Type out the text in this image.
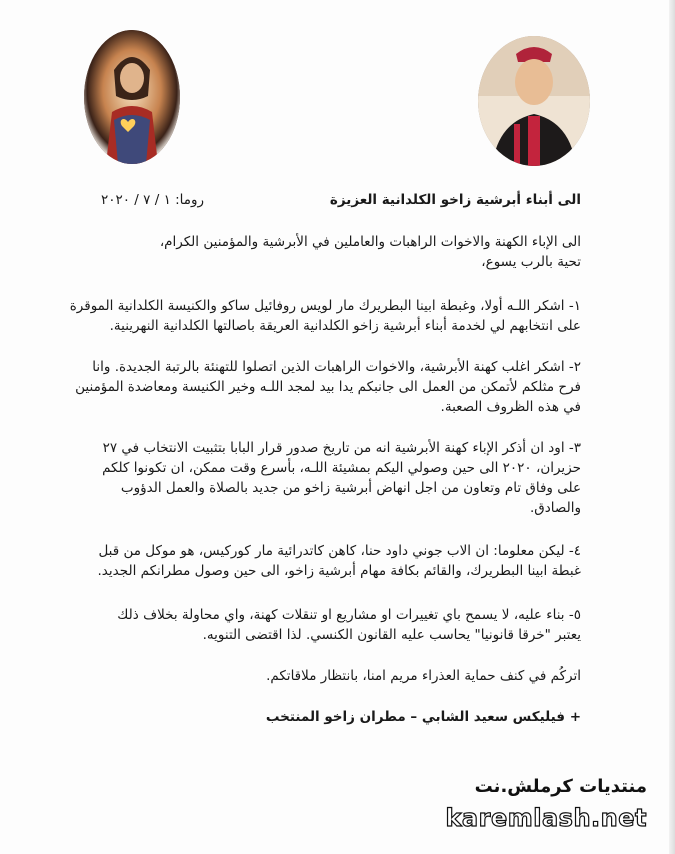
الى أبناء أبرشية زاخو الكلدانية العزيزة
روما: ١ / ٧ / ٢٠٢٠
الى الإباء الكهنة والاخوات الراهبات والعاملين في الأبرشية والمؤمنين الكرام،
تحية بالرب يسوع،
١- اشكر اللـه أولا، وغبطة ابينا البطريرك مار لويس روفائيل ساكو والكنيسة الكلدانية الموقرة
على انتخابهم لي لخدمة أبناء أبرشية زاخو الكلدانية العريقة باصالتها الكلدانية النهرينية.
٢- اشكر اغلب كهنة الأبرشية، والاخوات الراهبات الذين اتصلوا للتهنئة بالرتبة الجديدة. وانا
فرح مثلكم لأتمكن من العمل الى جانبكم يدا بيد لمجد اللـه وخير الكنيسة ومعاضدة المؤمنين
في هذه الظروف الصعبة.
٣- اود ان أذكر الإباء كهنة الأبرشية انه من تاريخ صدور قرار البابا بتثبيت الانتخاب في ٢٧
حزيران، ٢٠٢٠ الى حين وصولي اليكم بمشيئة اللـه، بأسرع وقت ممكن، ان تكونوا كلكم
على وفاق تام وتعاون من اجل انهاض أبرشية زاخو من جديد بالصلاة والعمل الدؤوب
والصادق.
٤- ليكن معلوما: ان الاب جوني داود حنا، كاهن كاتدرائية مار كوركيس، هو موكل من قبل
غبطة ابينا البطريرك، والقائم بكافة مهام أبرشية زاخو، الى حين وصول مطرانكم الجديد.
٥- بناء عليه، لا يسمح باي تغييرات او مشاريع او تنقلات كهنة، واي محاولة بخلاف ذلك
يعتبر "خرقا قانونيا" يحاسب عليه القانون الكنسي. لذا اقتضى التنويه.
اتركُم في كنف حماية العذراء مريم امنا، بانتظار ملاقاتكم.
+ فيليكس سعيد الشابي – مطران زاخو المنتخب
منتديات كرملش.نت
karemlash.net
